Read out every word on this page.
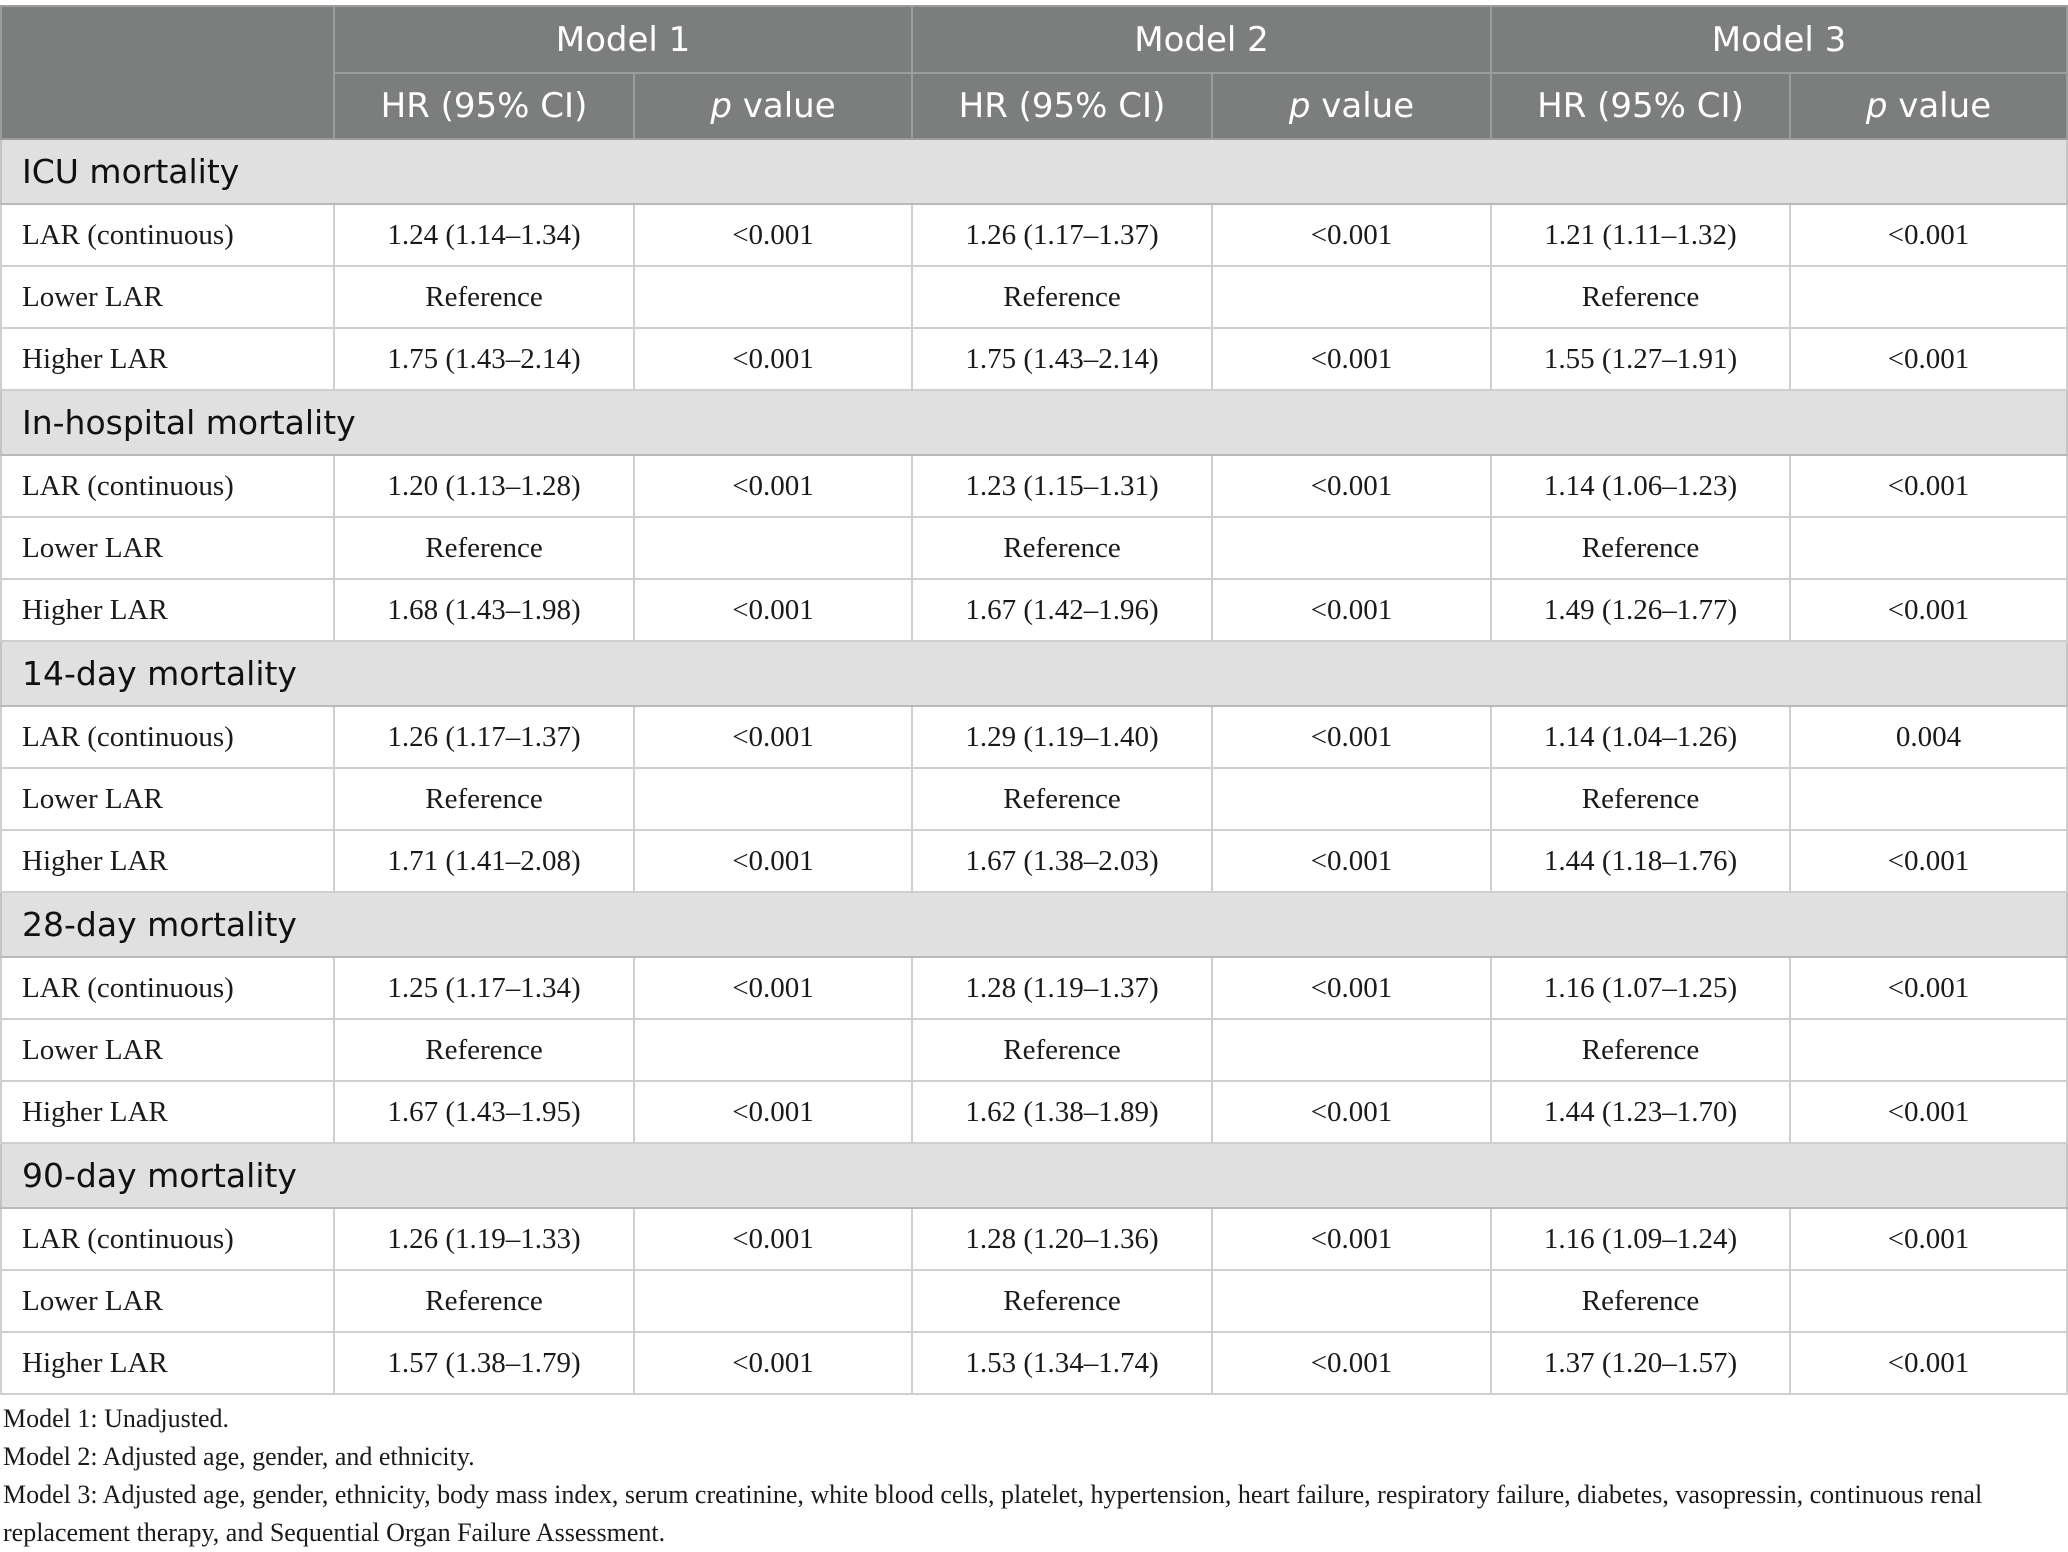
	Model 1		Model 2		Model 3	
	HR (95% CI)	p value	HR (95% CI)	p value	HR (95% CI)	p value
ICU mortality						
LAR (continuous)	1.24 (1.14–1.34)	<0.001	1.26 (1.17–1.37)	<0.001	1.21 (1.11–1.32)	<0.001
Lower LAR	Reference		Reference		Reference	
Higher LAR	1.75 (1.43–2.14)	<0.001	1.75 (1.43–2.14)	<0.001	1.55 (1.27–1.91)	<0.001
In-hospital mortality						
LAR (continuous)	1.20 (1.13–1.28)	<0.001	1.23 (1.15–1.31)	<0.001	1.14 (1.06–1.23)	<0.001
Lower LAR	Reference		Reference		Reference	
Higher LAR	1.68 (1.43–1.98)	<0.001	1.67 (1.42–1.96)	<0.001	1.49 (1.26–1.77)	<0.001
14-day mortality						
LAR (continuous)	1.26 (1.17–1.37)	<0.001	1.29 (1.19–1.40)	<0.001	1.14 (1.04–1.26)	0.004
Lower LAR	Reference		Reference		Reference	
Higher LAR	1.71 (1.41–2.08)	<0.001	1.67 (1.38–2.03)	<0.001	1.44 (1.18–1.76)	<0.001
28-day mortality						
LAR (continuous)	1.25 (1.17–1.34)	<0.001	1.28 (1.19–1.37)	<0.001	1.16 (1.07–1.25)	<0.001
Lower LAR	Reference		Reference		Reference	
Higher LAR	1.67 (1.43–1.95)	<0.001	1.62 (1.38–1.89)	<0.001	1.44 (1.23–1.70)	<0.001
90-day mortality						
LAR (continuous)	1.26 (1.19–1.33)	<0.001	1.28 (1.20–1.36)	<0.001	1.16 (1.09–1.24)	<0.001
Lower LAR	Reference		Reference		Reference	
Higher LAR	1.57 (1.38–1.79)	<0.001	1.53 (1.34–1.74)	<0.001	1.37 (1.20–1.57)	<0.001
Model 1: Unadjusted.
Model 2: Adjusted age, gender, and ethnicity.
Model 3: Adjusted age, gender, ethnicity, body mass index, serum creatinine, white blood cells, platelet, hypertension, heart failure, respiratory failure, diabetes, vasopressin, continuous renal replacement therapy, and Sequential Organ Failure Assessment.
